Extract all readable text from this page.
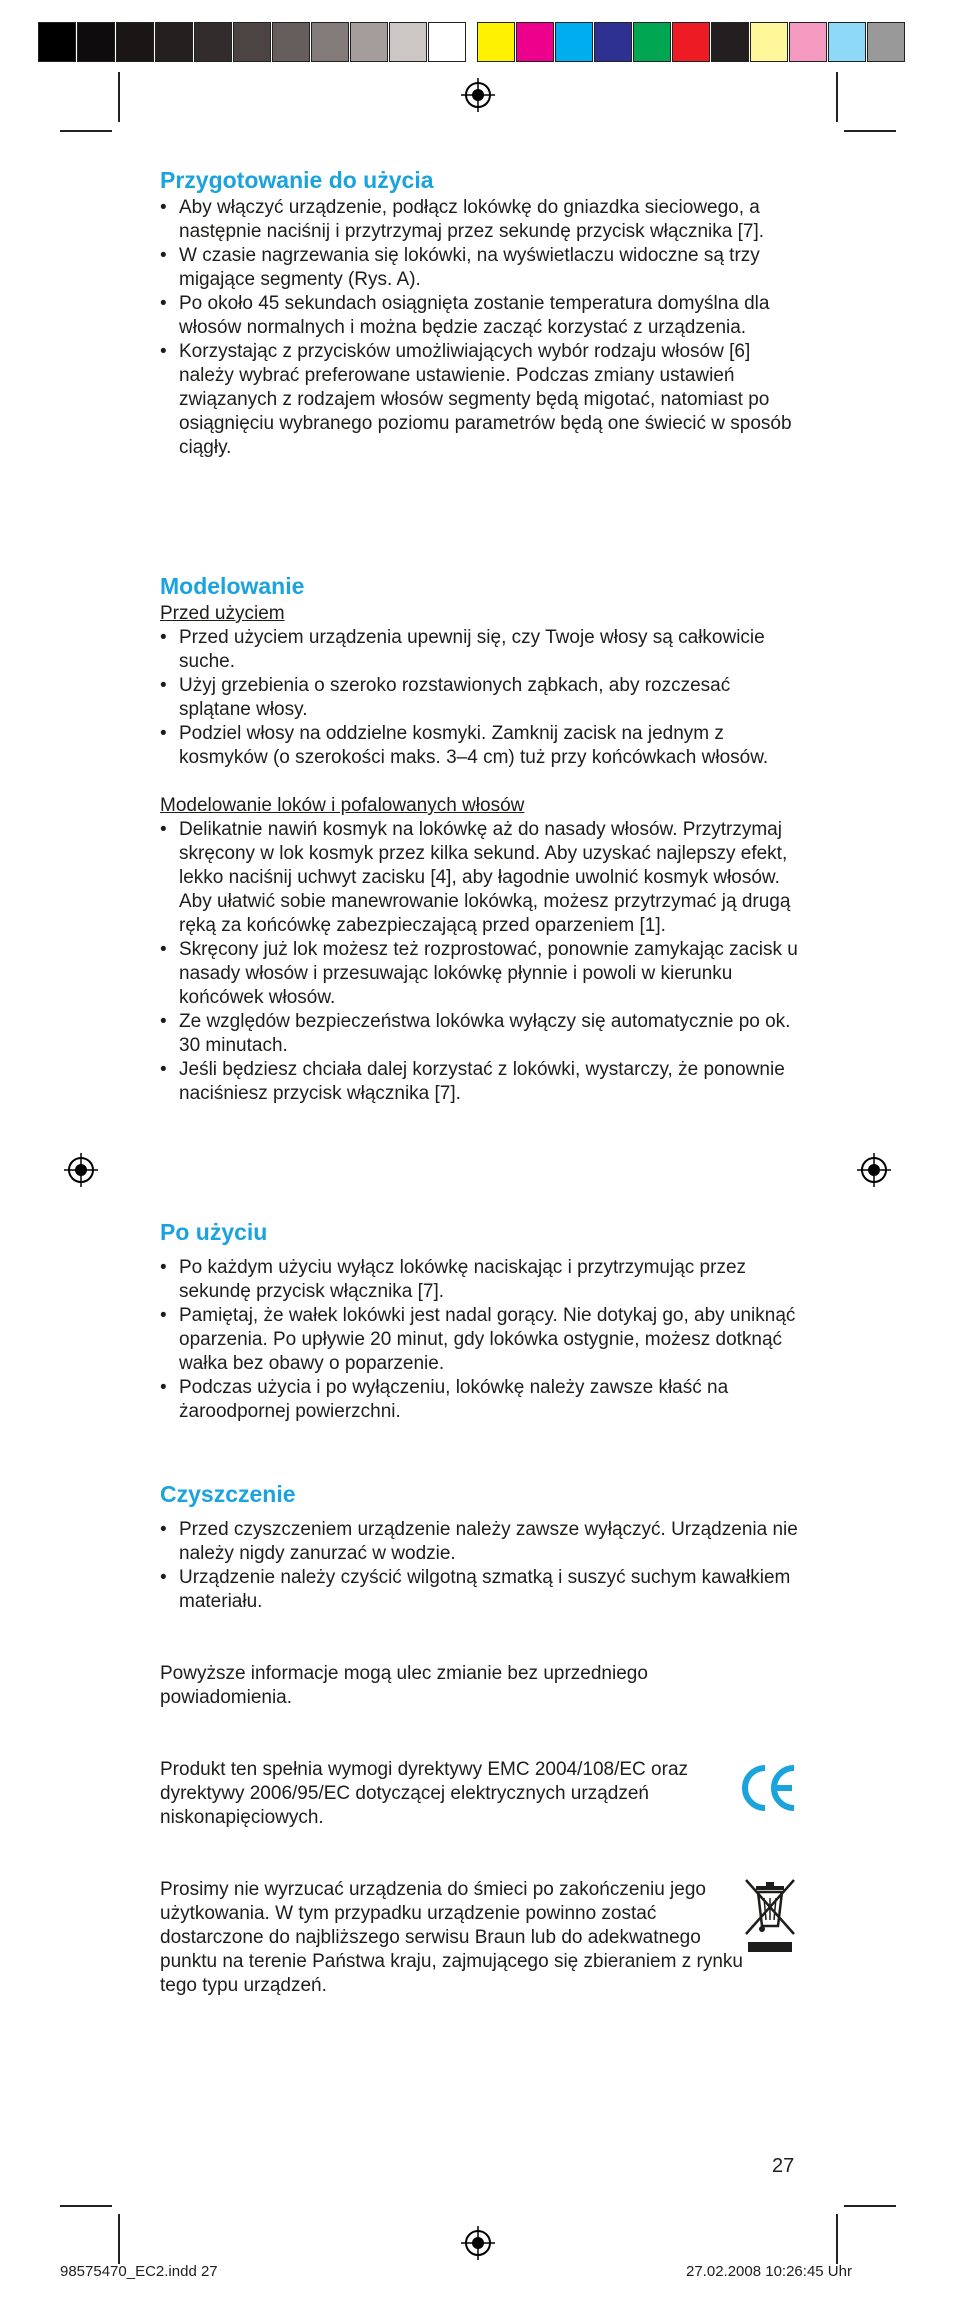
Przygotowanie do użycia
• Aby włączyć urządzenie, podłącz lokówkę do gniazdka sieciowego, a następnie naciśnij i przytrzymaj przez sekundę przycisk włącznika [7].
• W czasie nagrzewania się lokówki, na wyświetlaczu widoczne są trzy migające segmenty (Rys. A).
• Po około 45 sekundach osiągnięta zostanie temperatura domyślna dla włosów normalnych i można będzie zacząć korzystać z urządzenia.
• Korzystając z przycisków umożliwiających wybór rodzaju włosów [6] należy wybrać preferowane ustawienie. Podczas zmiany ustawień związanych z rodzajem włosów segmenty będą migotać, natomiast po osiągnięciu wybranego poziomu parametrów będą one świecić w sposób ciągły.
Modelowanie

Przed użyciem

• Przed użyciem urządzenia upewnij się, czy Twoje włosy są całkowicie suche.
• Użyj grzebienia o szeroko rozstawionych ząbkach, aby rozczesać splątane włosy.
• Podziel włosy na oddzielne kosmyki. Zamknij zacisk na jednym z kosmyków (o szerokości maks. 3–4 cm) tuż przy końcówkach włosów.

Modelowanie loków i pofalowanych włosów

• Delikatnie nawiń kosmyk na lokówkę aż do nasady włosów. Przytrzymaj skręcony w lok kosmyk przez kilka sekund. Aby uzyskać najlepszy efekt, lekko naciśnij uchwyt zacisku [4], aby łagodnie uwolnić kosmyk włosów. Aby ułatwić sobie manewrowanie lokówką, możesz przytrzymać ją drugą ręką za końcówkę zabezpieczającą przed oparzeniem [1].
• Skręcony już lok możesz też rozprostować, ponownie zamykając zacisk u nasady włosów i przesuwając lokówkę płynnie i powoli w kierunku końcówek włosów.
• Ze względów bezpieczeństwa lokówka wyłączy się automatycznie po ok. 30 minutach.
• Jeśli będziesz chciała dalej korzystać z lokówki, wystarczy, że ponownie naciśniesz przycisk włącznika [7].
Po użyciu
• Po każdym użyciu wyłącz lokówkę naciskając i przytrzymując przez sekundę przycisk włącznika [7].
• Pamiętaj, że wałek lokówki jest nadal gorący. Nie dotykaj go, aby uniknąć oparzenia. Po upływie 20 minut, gdy lokówka ostygnie, możesz dotknąć wałka bez obawy o poparzenie.
• Podczas użycia i po wyłączeniu, lokówkę należy zawsze kłaść na żaroodpornej powierzchni.
Czyszczenie
• Przed czyszczeniem urządzenie należy zawsze wyłączyć. Urządzenia nie należy nigdy zanurzać w wodzie.
• Urządzenie należy czyścić wilgotną szmatką i suszyć suchym kawałkiem materiału.

Powyższe informacje mogą ulec zmianie bez uprzedniego powiadomienia.

Produkt ten spełnia wymogi dyrektywy EMC 2004/108/EC oraz dyrektywy 2006/95/EC dotyczącej elektrycznych urządzeń niskonapięciowych.

Prosimy nie wyrzucać urządzenia do śmieci po zakończeniu jego użytkowania. W tym przypadku urządzenie powinno zostać dostarczone do najbliższego serwisu Braun lub do adekwatnego punktu na terenie Państwa kraju, zajmującego się zbieraniem z rynku tego typu urządzeń.

27
98575470_EC2.indd 27	27.02.2008 10:26:45 Uhr
